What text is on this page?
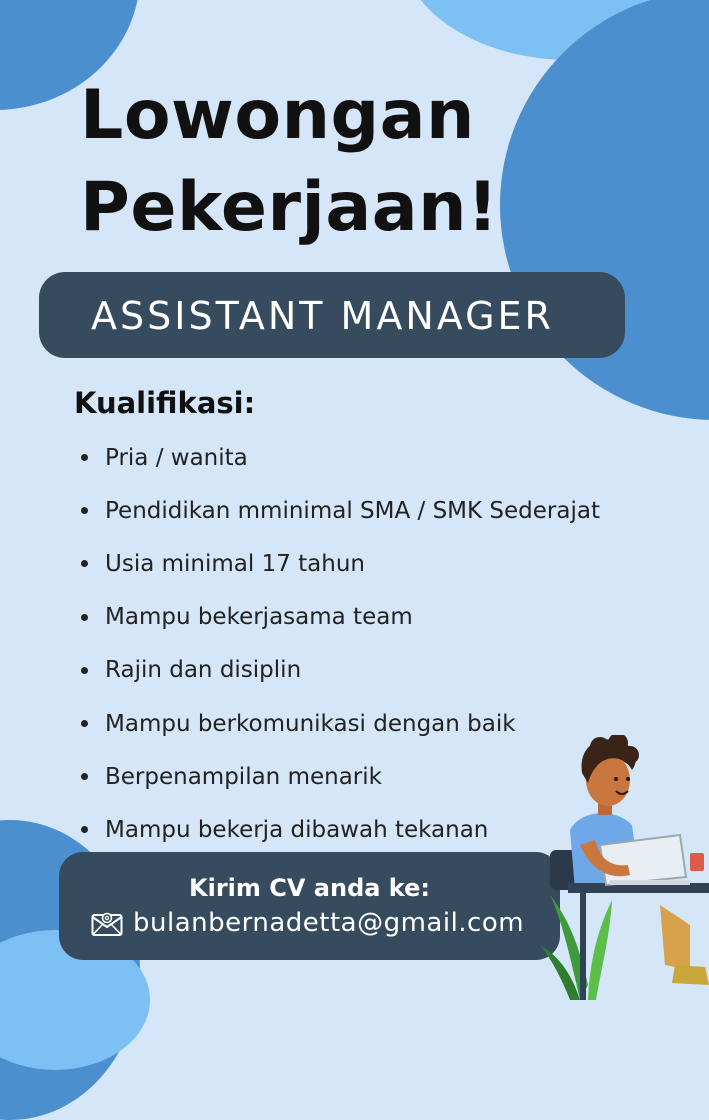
Lowongan
Pekerjaan!
ASSISTANT MANAGER
Kualifikasi:
Pria / wanita
Pendidikan mminimal SMA / SMK Sederajat
Usia minimal 17 tahun
Mampu bekerjasama team
Rajin dan disiplin
Mampu berkomunikasi dengan baik
Berpenampilan menarik
Mampu bekerja dibawah tekanan
Kirim CV anda ke:
bulanbernadetta@gmail.com
